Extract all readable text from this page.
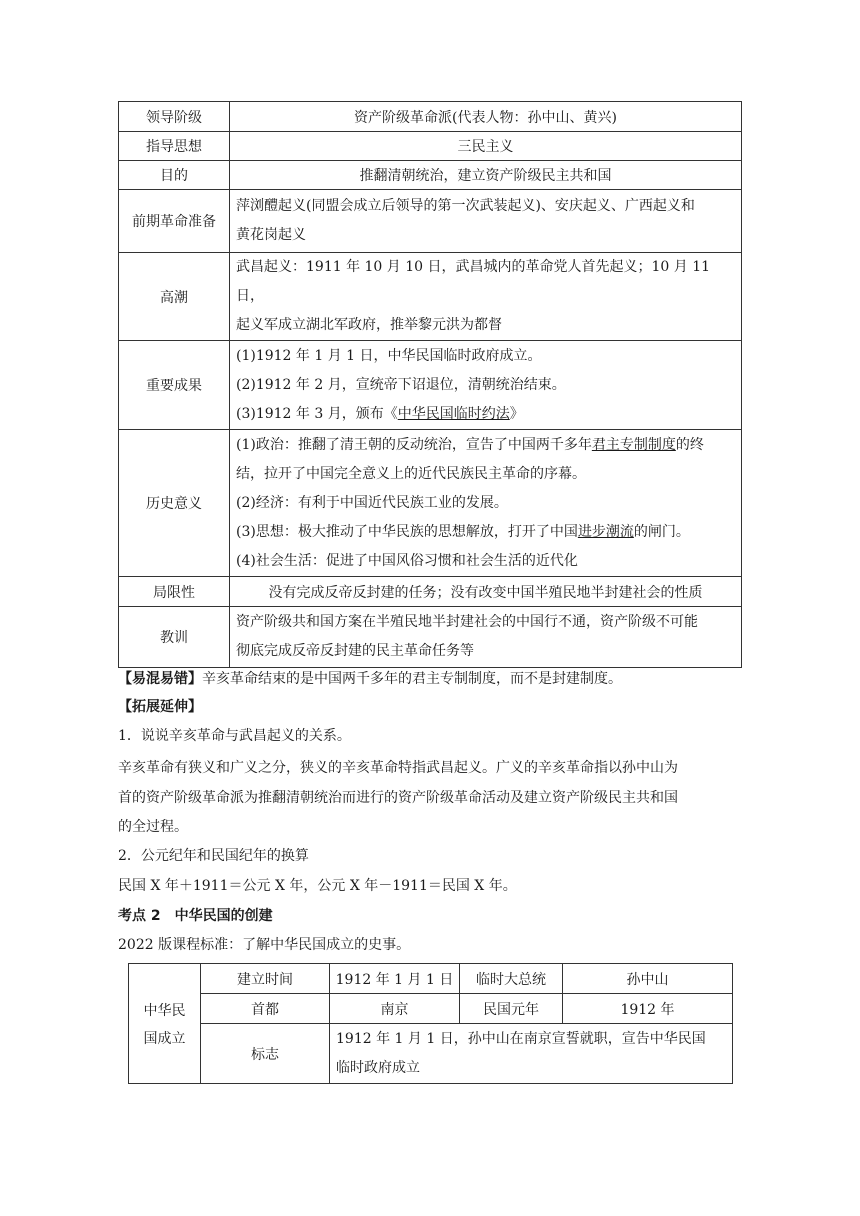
领导阶级	资产阶级革命派(代表人物：孙中山、黄兴)
指导思想	三民主义
目的	推翻清朝统治，建立资产阶级民主共和国
前期革命准备	萍浏醴起义(同盟会成立后领导的第一次武装起义)、安庆起义、广西起义和
黄花岗起义

高潮	武昌起义：1911 年 10 月 10 日，武昌城内的革命党人首先起义；10 月 11 日，
起义军成立湖北军政府，推举黎元洪为都督

重要成果	(1)1912 年 1 月 1 日，中华民国临时政府成立。
(2)1912 年 2 月，宣统帝下诏退位，清朝统治结束。
(3)1912 年 3 月，颁布《中华民国临时约法》

历史意义	(1)政治：推翻了清王朝的反动统治，宣告了中国两千多年君主专制制度的终
结，拉开了中国完全意义上的近代民族民主革命的序幕。
(2)经济：有利于中国近代民族工业的发展。
(3)思想：极大推动了中华民族的思想解放，打开了中国进步潮流的闸门。
(4)社会生活：促进了中国风俗习惯和社会生活的近代化

局限性	没有完成反帝反封建的任务；没有改变中国半殖民地半封建社会的性质
教训	资产阶级共和国方案在半殖民地半封建社会的中国行不通，资产阶级不可能
彻底完成反帝反封建的民主革命任务等
【易混易错】辛亥革命结束的是中国两千多年的君主专制制度，而不是封建制度。
【拓展延伸】
1．说说辛亥革命与武昌起义的关系。
辛亥革命有狭义和广义之分，狭义的辛亥革命特指武昌起义。广义的辛亥革命指以孙中山为
首的资产阶级革命派为推翻清朝统治而进行的资产阶级革命活动及建立资产阶级民主共和国
的全过程。
2．公元纪年和民国纪年的换算
民国 X 年＋1911＝公元 X 年，公元 X 年－1911＝民国 X 年。
考点 2　中华民国的创建
2022 版课程标准：了解中华民国成立的史事。
中华民
国成立	建立时间	1912 年 1 月 1 日	临时大总统	孙中山
	首都	南京	民国元年	1912 年
	标志	1912 年 1 月 1 日，孙中山在南京宣誓就职，宣告中华民国
临时政府成立		
